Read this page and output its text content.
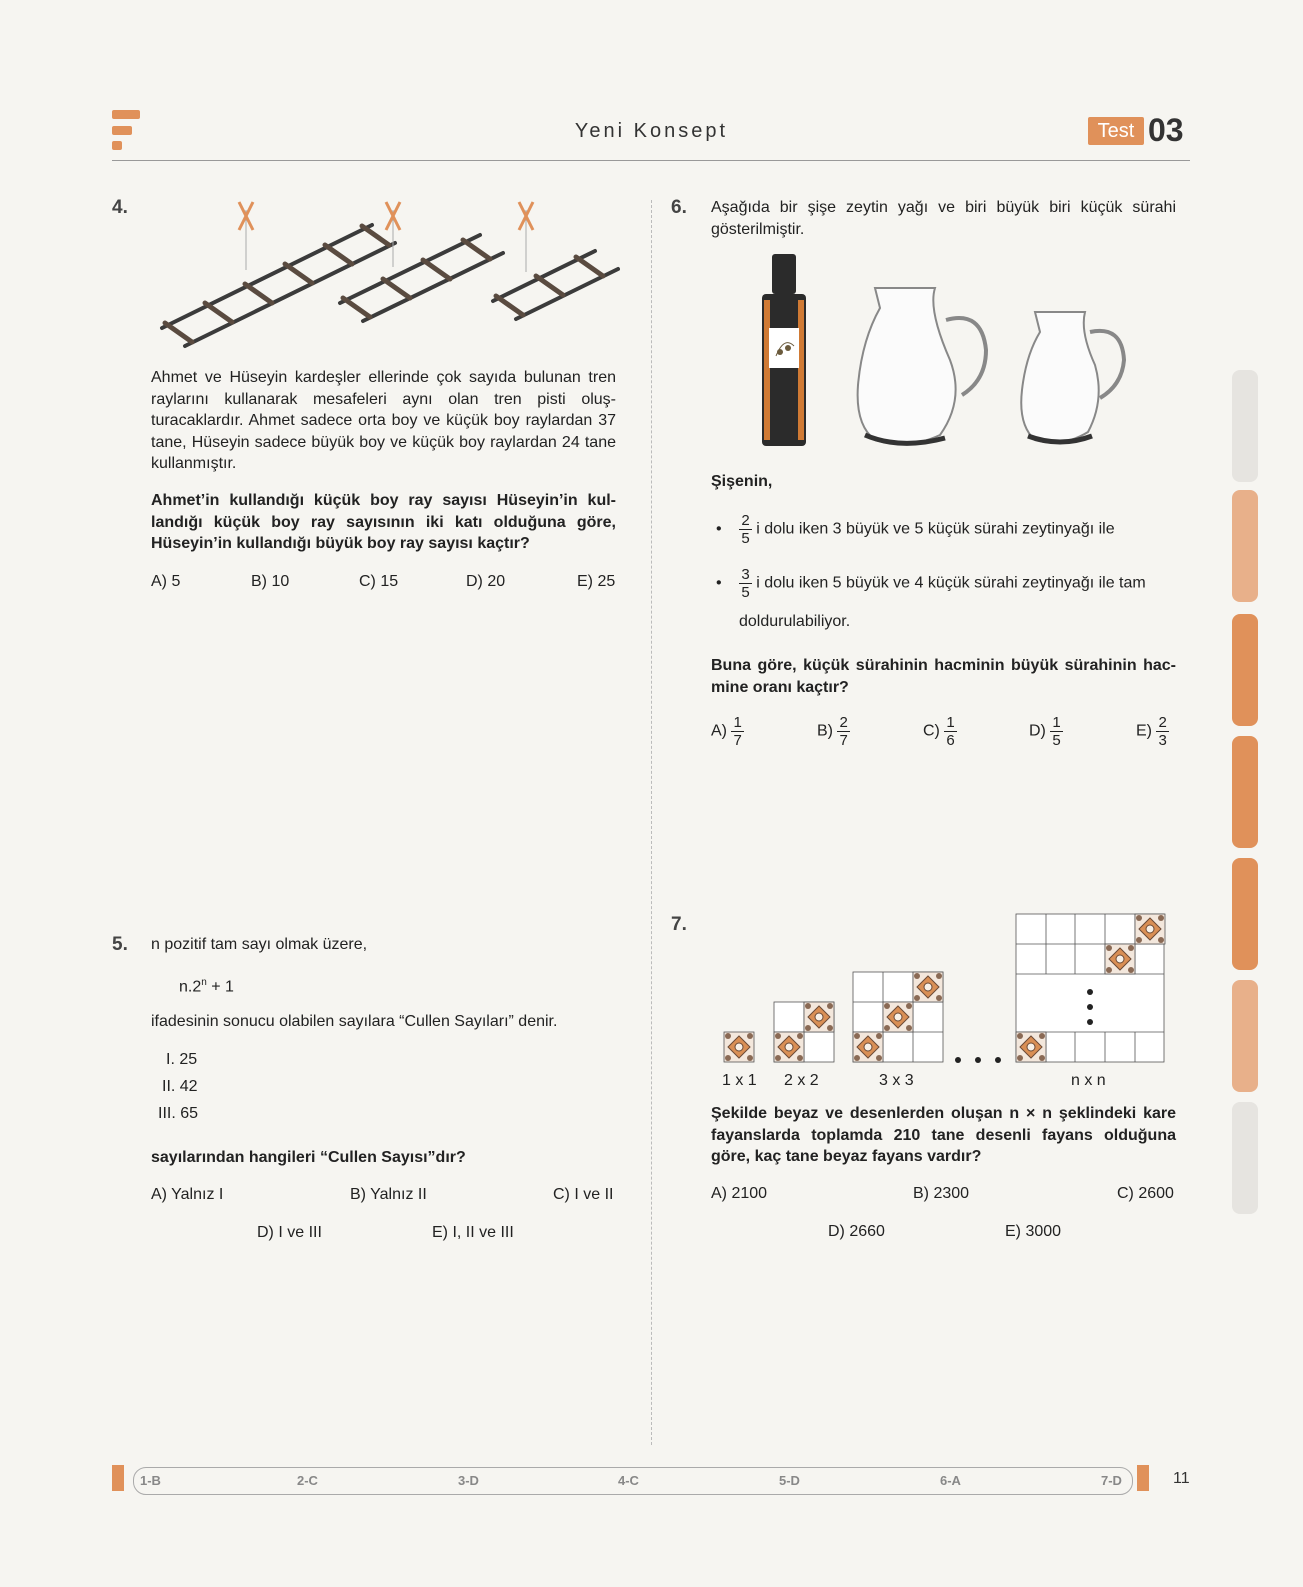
Yeni Konsept	Test 03
4.
Ahmet ve Hüseyin kardeşler ellerinde çok sayıda bulunan tren raylarını kullanarak mesafeleri aynı olan tren pisti oluşturacaklardır. Ahmet sadece orta boy ve küçük boy raylardan 37 tane, Hüseyin sadece büyük boy ve küçük boy raylardan 24 tane kullanmıştır.
Ahmet’in kullandığı küçük boy ray sayısı Hüseyin’in kullandığı küçük boy ray sayısının iki katı olduğuna göre, Hüseyin’in kullandığı büyük boy ray sayısı kaçtır?
A) 5	B) 10	C) 15	D) 20	E) 25
5. n pozitif tam sayı olmak üzere,
$n.2^n + 1$
ifadesinin sonucu olabilen sayılara “Cullen Sayıları” denir.
I. 25
II. 42
III. 65
sayılarından hangileri “Cullen Sayısı”dır?
A) Yalnız I	B) Yalnız II	C) I ve II
D) I ve III	E) I, II ve III
6. Aşağıda bir şişe zeytin yağı ve biri büyük biri küçük sürahi gösterilmiştir.
Şişenin,
• $\frac{2}{5}$ i dolu iken 3 büyük ve 5 küçük sürahi zeytinyağı ile
• $\frac{3}{5}$ i dolu iken 5 büyük ve 4 küçük sürahi zeytinyağı ile tam
doldurulabiliyor.
Buna göre, küçük sürahinin hacminin büyük sürahinin hacmine oranı kaçtır?
$A) \frac{1}{7}$	$B) \frac{2}{7}$	$C) \frac{1}{6}$	$D) \frac{1}{5}$	$E) \frac{2}{3}$
7.
1 x 1 2 x 2	3 x 3	n x n
Şekilde beyaz ve desenlerden oluşan n × n şeklindeki kare fayanslarda toplamda 210 tane desenli fayans olduğuna göre, kaç tane beyaz fayans vardır?
A) 2100	B) 2300	C) 2600
D) 2660	E) 3000
1-B	2-C	3-D	4-C	5-D	6-A	7-D	11
